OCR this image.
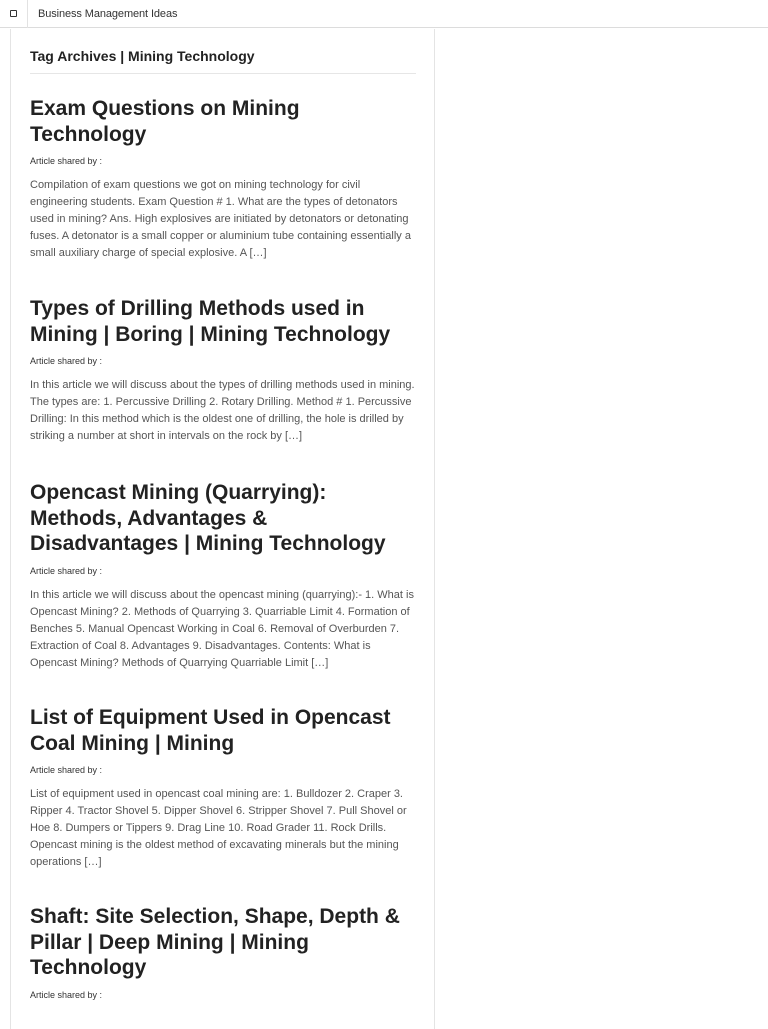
Business Management Ideas
Tag Archives | Mining Technology
Exam Questions on Mining Technology
Article shared by :
Compilation of exam questions we got on mining technology for civil engineering students. Exam Question # 1. What are the types of detonators used in mining? Ans. High explosives are initiated by detonators or detonating fuses. A detonator is a small copper or aluminium tube containing essentially a small auxiliary charge of special explosive. A […]
Types of Drilling Methods used in Mining | Boring | Mining Technology
Article shared by :
In this article we will discuss about the types of drilling methods used in mining. The types are: 1. Percussive Drilling 2. Rotary Drilling. Method # 1. Percussive Drilling: In this method which is the oldest one of drilling, the hole is drilled by striking a number at short in intervals on the rock by […]
Opencast Mining (Quarrying): Methods, Advantages & Disadvantages | Mining Technology
Article shared by :
In this article we will discuss about the opencast mining (quarrying):- 1. What is Opencast Mining? 2. Methods of Quarrying 3. Quarriable Limit 4. Formation of Benches 5. Manual Opencast Working in Coal 6. Removal of Overburden 7. Extraction of Coal 8. Advantages 9. Disadvantages. Contents: What is Opencast Mining? Methods of Quarrying Quarriable Limit […]
List of Equipment Used in Opencast Coal Mining | Mining
Article shared by :
List of equipment used in opencast coal mining are: 1. Bulldozer 2. Craper 3. Ripper 4. Tractor Shovel 5. Dipper Shovel 6. Stripper Shovel 7. Pull Shovel or Hoe 8. Dumpers or Tippers 9. Drag Line 10. Road Grader 11. Rock Drills. Opencast mining is the oldest method of excavating minerals but the mining operations […]
Shaft: Site Selection, Shape, Depth & Pillar | Deep Mining | Mining Technology
Article shared by :
